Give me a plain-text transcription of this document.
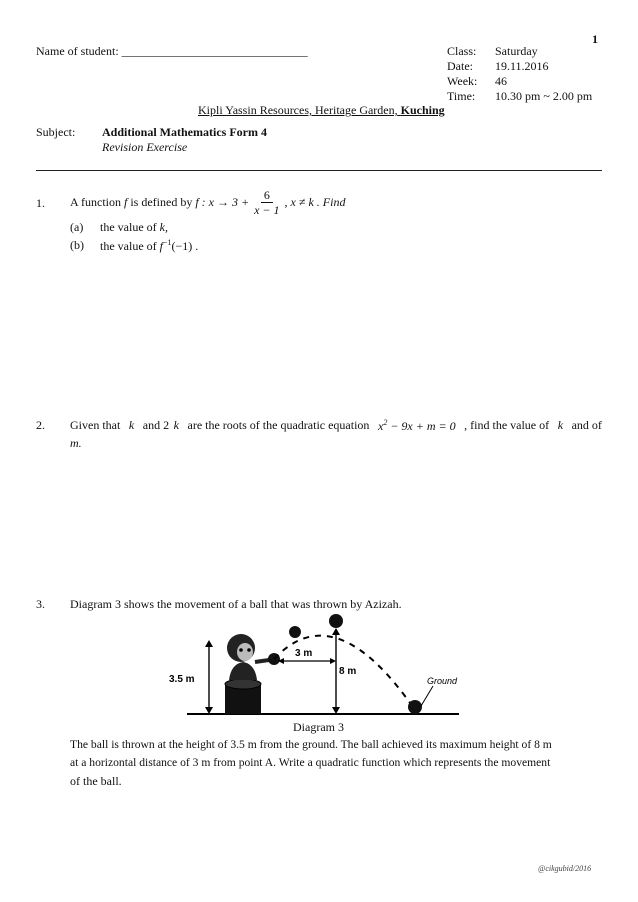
1
Name of student: _______________________________	Class: Saturday
Date: 19.11.2016
Week: 46
Time: 10.30 pm ~ 2.00 pm
Kipli Yassin Resources, Heritage Garden, Kuching
Subject: Additional Mathematics Form 4
Revision Exercise
1. A function
f
is defined by
f : $x \to 3 + \frac{6}{x - 1}$ , x ≠ k . Find
(a) the value of k,
(b) the value of $f^{-1}(-1)$ .
2. Given that k and 2 k are the roots of the quadratic equation $x^2 - 9x + m = 0$ , find the value of k and of
m.
3. Diagram 3 shows the movement of a ball that was thrown by Azizah.
3.5 m
3 m
8 m
Ground
Diagram 3
The ball is thrown at the height of 3.5 m from the ground. The ball achieved its maximum height of 8 m
at a horizontal distance of 3 m from point A. Write a quadratic function which represents the movement
of the ball.
@cikgubid/2016
